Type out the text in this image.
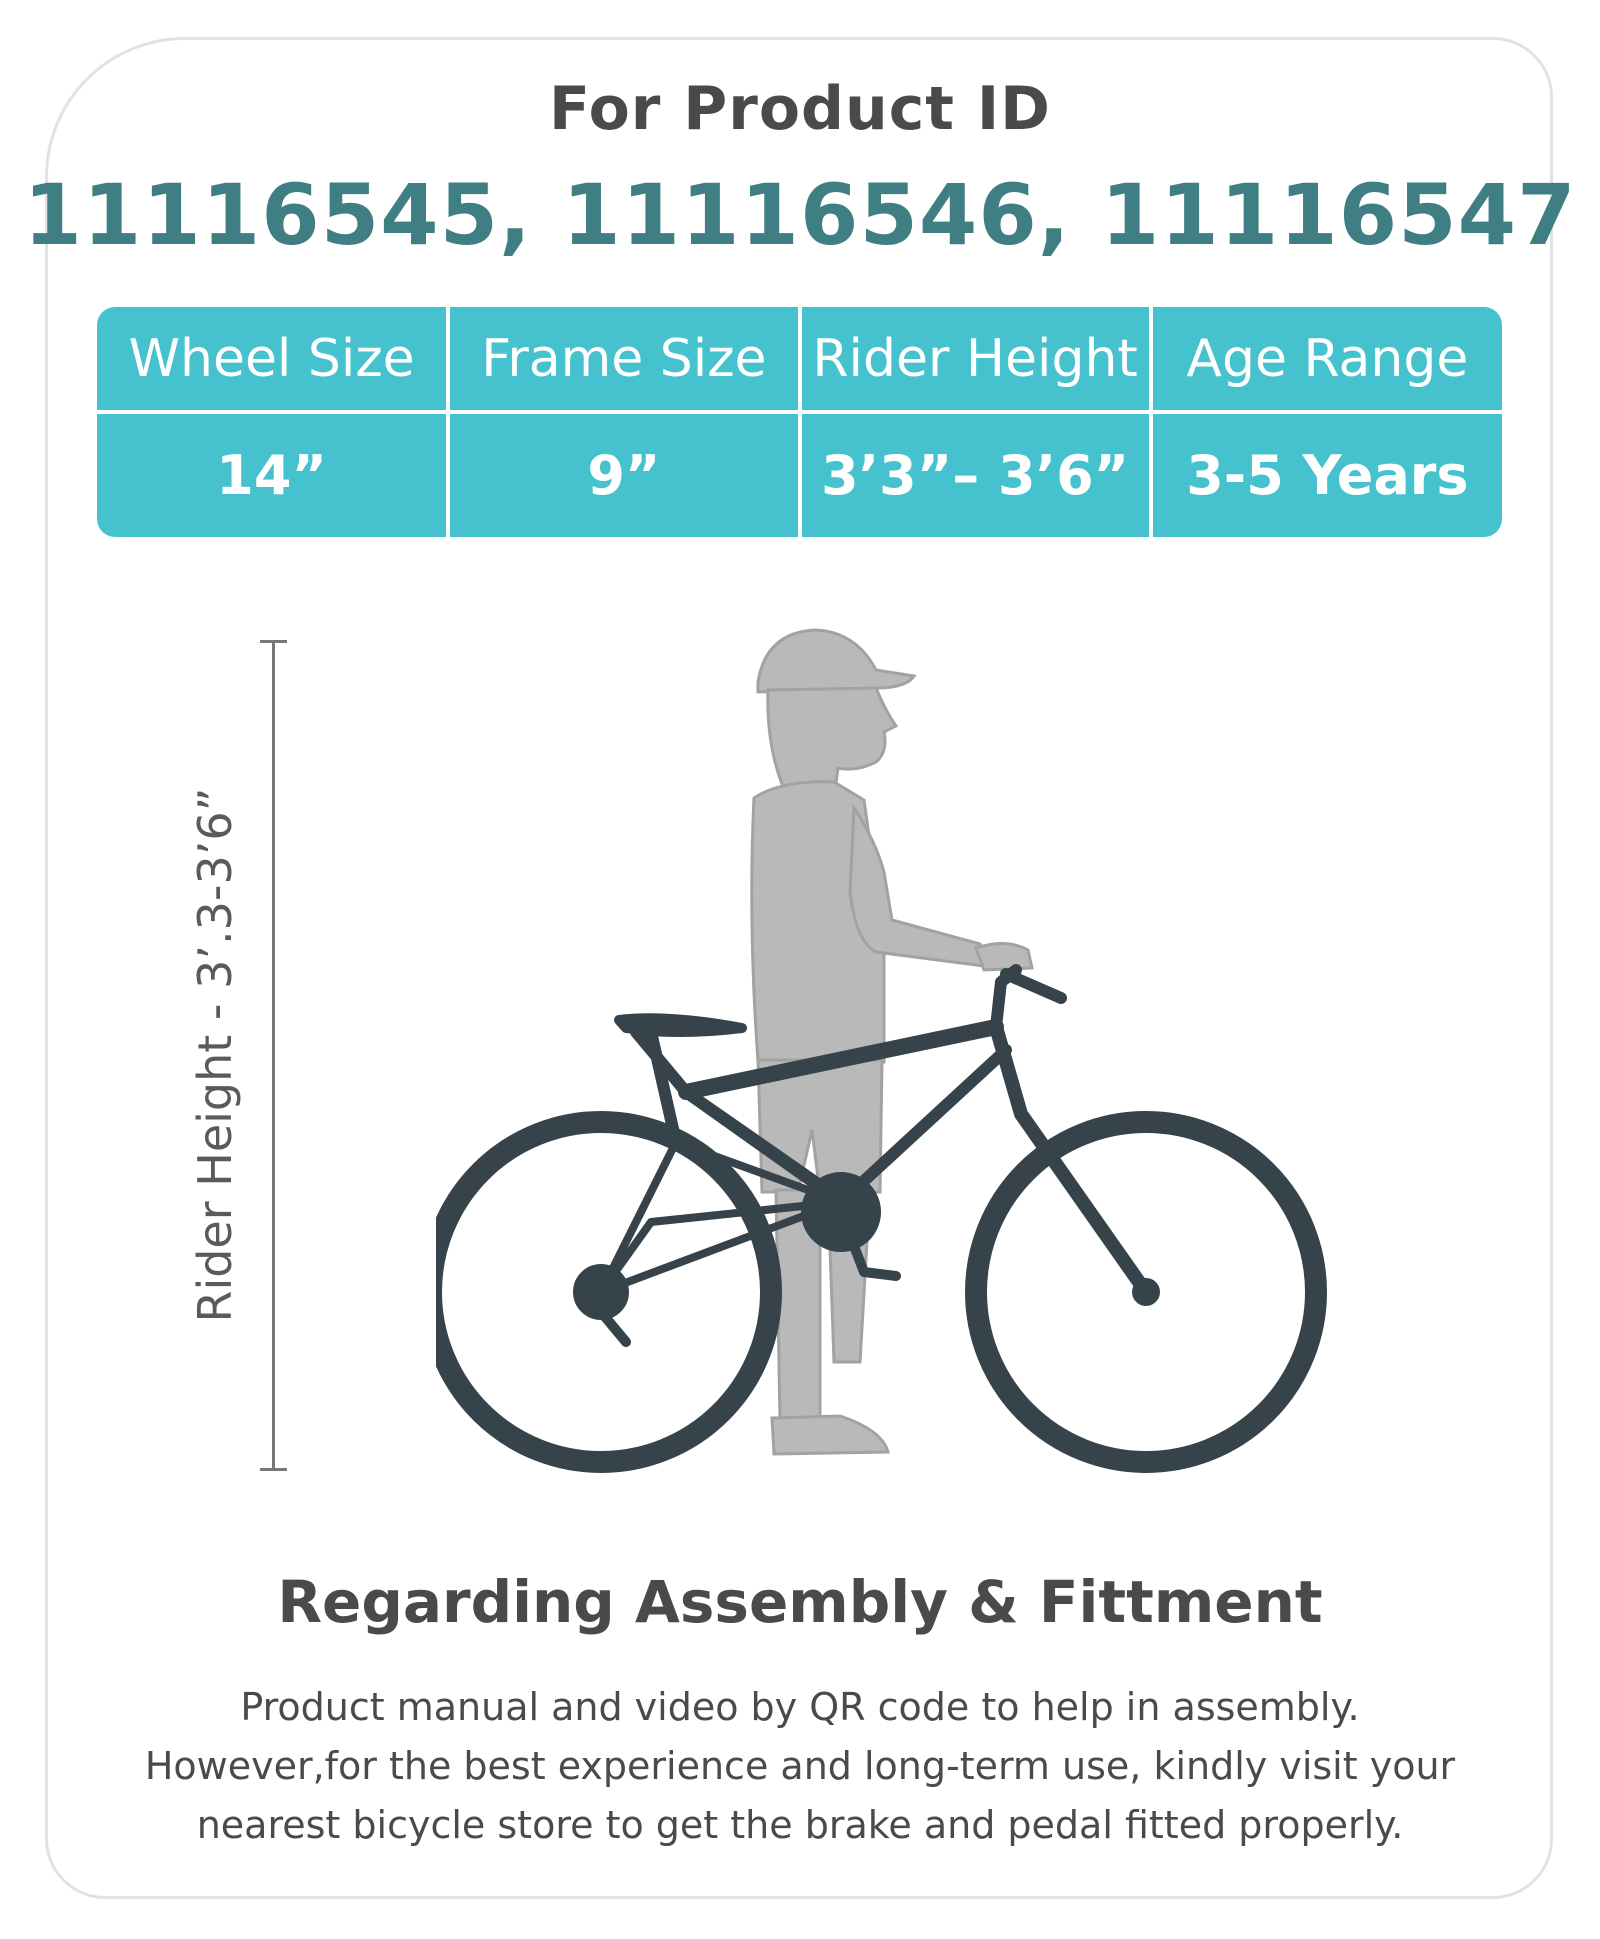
For Product ID
11116545, 11116546, 11116547
Wheel Size	Frame Size	Rider Height	Age Range
14”	9”	3’3”– 3’6”	3-5 Years
Rider Height - 3’.3-3’6”
Regarding Assembly & Fittment
Product manual and video by QR code to help in assembly.
However,for the best experience and long-term use, kindly visit your
nearest bicycle store to get the brake and pedal fitted properly.
